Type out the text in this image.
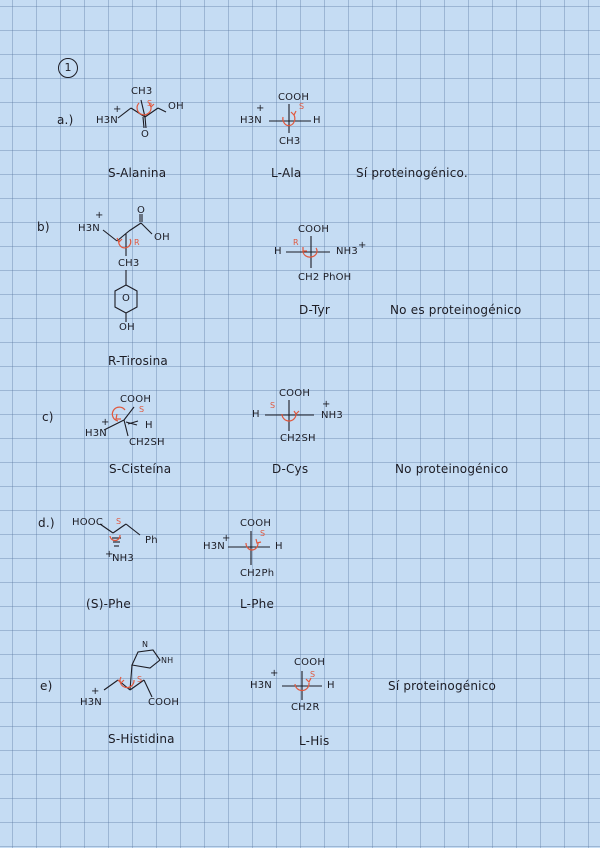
1
a.)
CH3
OH
O
+
H3N
S
COOH
S
+
H3N	H
CH3
S-Alanina	L-Ala	Sí proteinogénico.
b)
+
H3N
O
OH
R
CH3
O
OH
COOH
R
H	NH3
+
CH2 PhOH
R-Tirosina
D-Tyr	No es proteinogénico
c)
COOH
S
+
H3N
H
CH2SH
COOH
S
H	NH3
+
CH2SH
S-Cisteína	D-Cys	No proteinogénico
d.) HOOC S
Ph
+
NH3
COOH
S
+
H3N	H
CH2Ph
(S)-Phe	L-Phe
e)
N
NH
S
+
H3N	COOH
+
COOH
S
H3N	H
CH2R
S-Histidina	L-His
Sí proteinogénico
